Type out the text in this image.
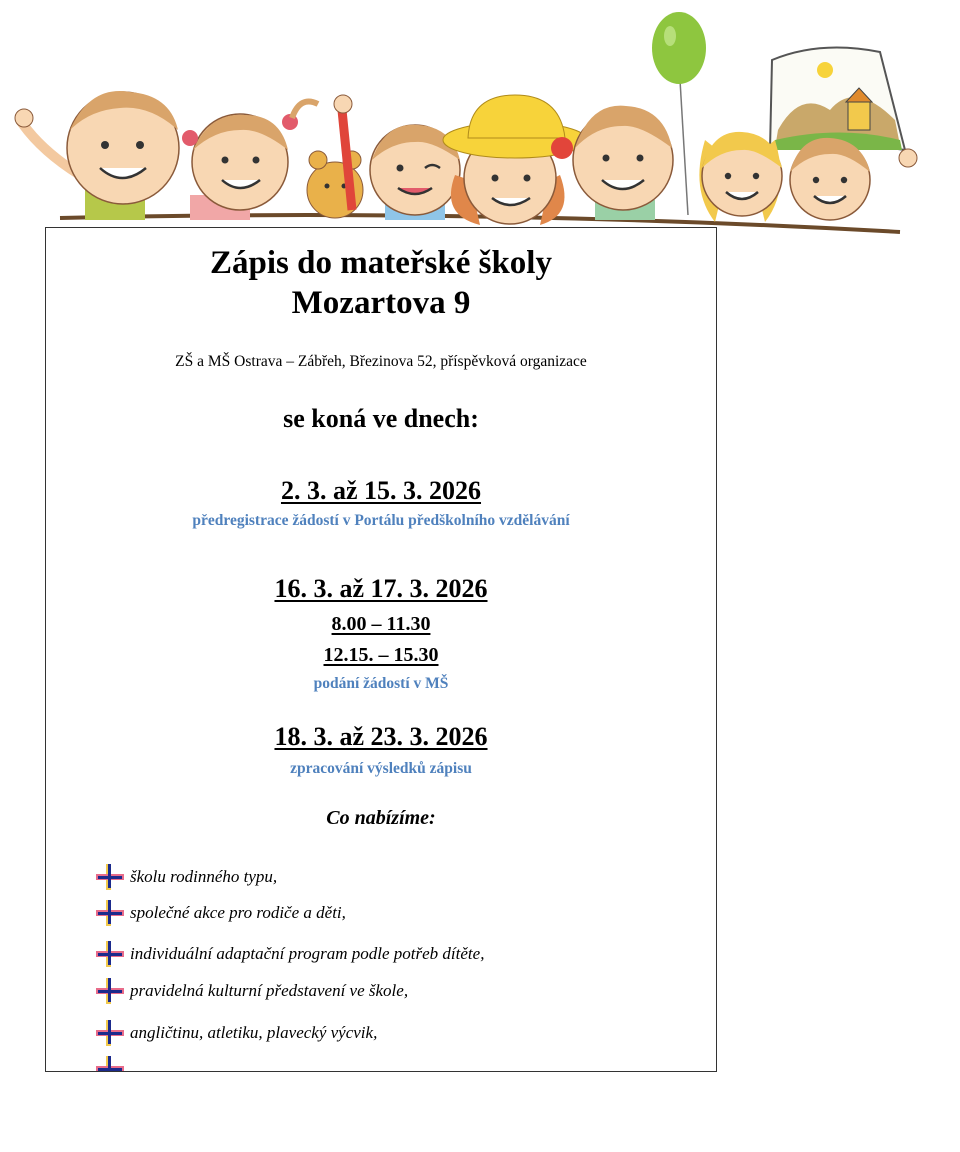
Zápis do mateřské školy
Mozartova 9
ZŠ a MŠ Ostrava – Zábřeh, Březinova 52, příspěvková organizace
se koná ve dnech:
2. 3. až 15. 3. 2026
předregistrace žádostí v Portálu předškolního vzdělávání
16. 3. až 17. 3. 2026
8.00 – 11.30
12.15. – 15.30
podání žádostí v MŠ
18. 3. až 23. 3. 2026
zpracování výsledků zápisu
Co nabízíme:
školu rodinného typu,
společné akce pro rodiče a děti,
individuální adaptační program podle potřeb dítěte,
pravidelná kulturní představení ve škole,
angličtinu, atletiku, plavecký výcvik,
